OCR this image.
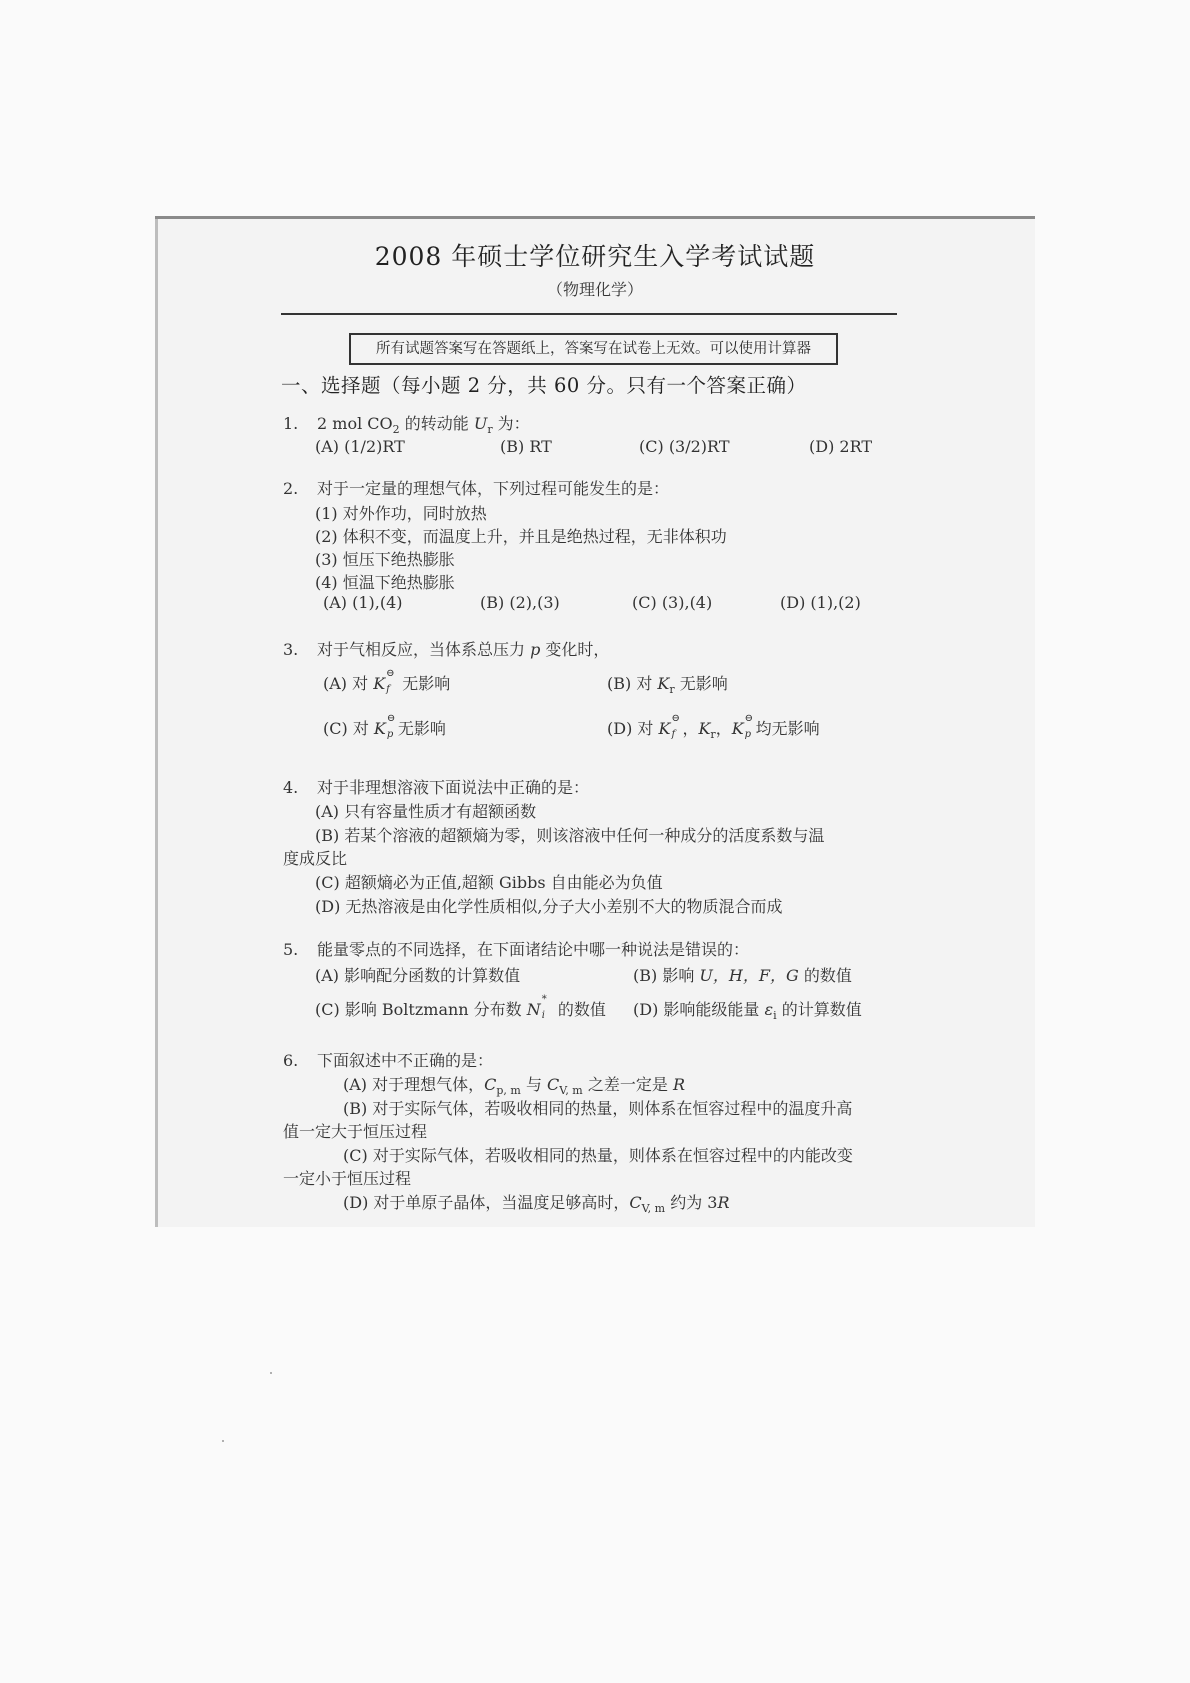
2008 年硕士学位研究生入学考试试题
（物理化学）
所有试题答案写在答题纸上，答案写在试卷上无效。可以使用计算器
一、选择题（每小题 2 分，共 60 分。只有一个答案正确）
1. 2 mol $CO_2$ 的转动能 $U_r$ 为：
(A) (1/2)RT	(B) RT	(C) (3/2)RT	(D) 2RT
2. 对于一定量的理想气体，下列过程可能发生的是：
(1) 对外作功，同时放热
(2) 体积不变，而温度上升，并且是绝热过程，无非体积功
(3) 恒压下绝热膨胀
(4) 恒温下绝热膨胀
(A) (1),(4)	(B) (2),(3)	(C) (3),(4)	(D) (1),(2)
3. 对于气相反应，当体系总压力 p 变化时，
(A) 对 K
⊖
f 无影响	(B) 对 $K_r$ 无影响
(C) 对 K
⊖
p 无影响	(D) 对 K
⊖
f ，$K_r$，K
⊖
p 均无影响
4. 对于非理想溶液下面说法中正确的是：
(A) 只有容量性质才有超额函数
(B) 若某个溶液的超额熵为零，则该溶液中任何一种成分的活度系数与温
度成反比
(C) 超额熵必为正值,超额 Gibbs 自由能必为负值
(D) 无热溶液是由化学性质相似,分子大小差别不大的物质混合而成
5. 能量零点的不同选择，在下面诸结论中哪一种说法是错误的：
(A) 影响配分函数的计算数值	(B) 影响 U，H，F，G 的数值
(C) 影响 Boltzmann 分布数 N
*
i 的数值 (D) 影响能级能量 $\varepsilon_i$ 的计算数值
6. 下面叙述中不正确的是：
(A) 对于理想气体，$C_{p, m}$ 与 $C_{V, m}$ 之差一定是 R
(B) 对于实际气体，若吸收相同的热量，则体系在恒容过程中的温度升高
值一定大于恒压过程
(C) 对于实际气体，若吸收相同的热量，则体系在恒容过程中的内能改变
一定小于恒压过程
(D) 对于单原子晶体，当温度足够高时，$C_{V, m}$ 约为 3R
